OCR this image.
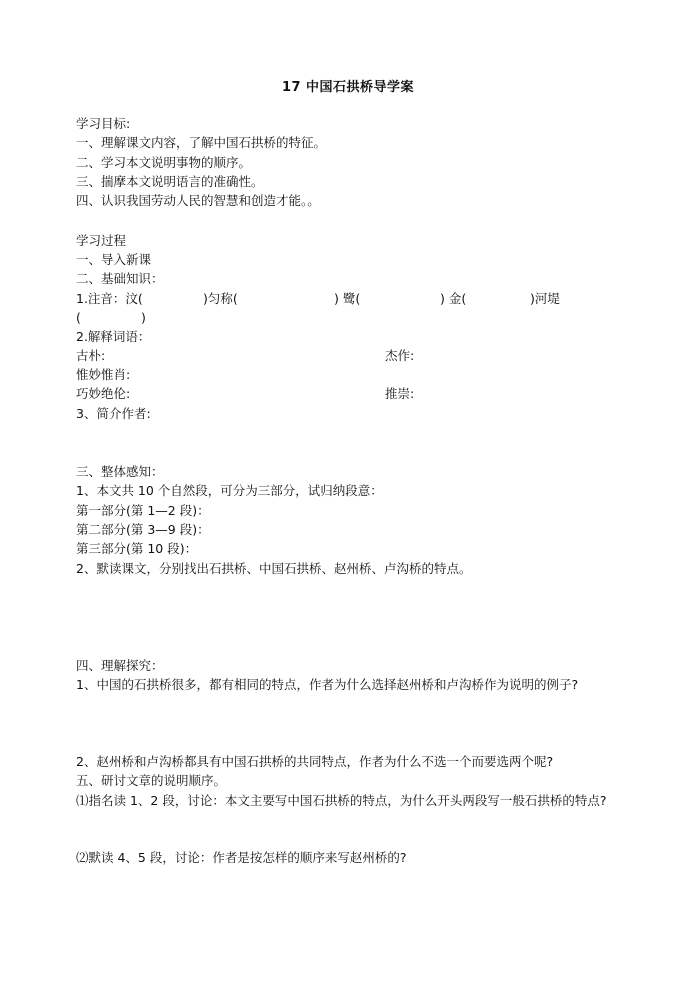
17 中国石拱桥导学案
学习目标:
一、理解课文内容，了解中国石拱桥的特征。
二、学习本文说明事物的顺序。
三、揣摩本文说明语言的准确性。
四、认识我国劳动人民的智慧和创造才能。。
学习过程
一、导入新课
二、基础知识：
1.注音：汶(	)匀称(	) 鹭(	) 金(	)河堤
(	)
2.解释词语：
古朴:	杰作:
惟妙惟肖:
巧妙绝伦:	推崇:
3、简介作者:
三、整体感知：
1、本文共 10 个自然段，可分为三部分，试归纳段意：
第一部分(第 1—2 段)：
第二部分(第 3—9 段)：
第三部分(第 10 段)：
2、默读课文，分别找出石拱桥、中国石拱桥、赵州桥、卢沟桥的特点。
四、理解探究：
1、中国的石拱桥很多，都有相同的特点，作者为什么选择赵州桥和卢沟桥作为说明的例子?
2、赵州桥和卢沟桥都具有中国石拱桥的共同特点，作者为什么不选一个而要选两个呢?
五、研讨文章的说明顺序。
⑴指名读 1、2 段，讨论：本文主要写中国石拱桥的特点，为什么开头两段写一般石拱桥的特点?
⑵默读 4、5 段，讨论：作者是按怎样的顺序来写赵州桥的?
